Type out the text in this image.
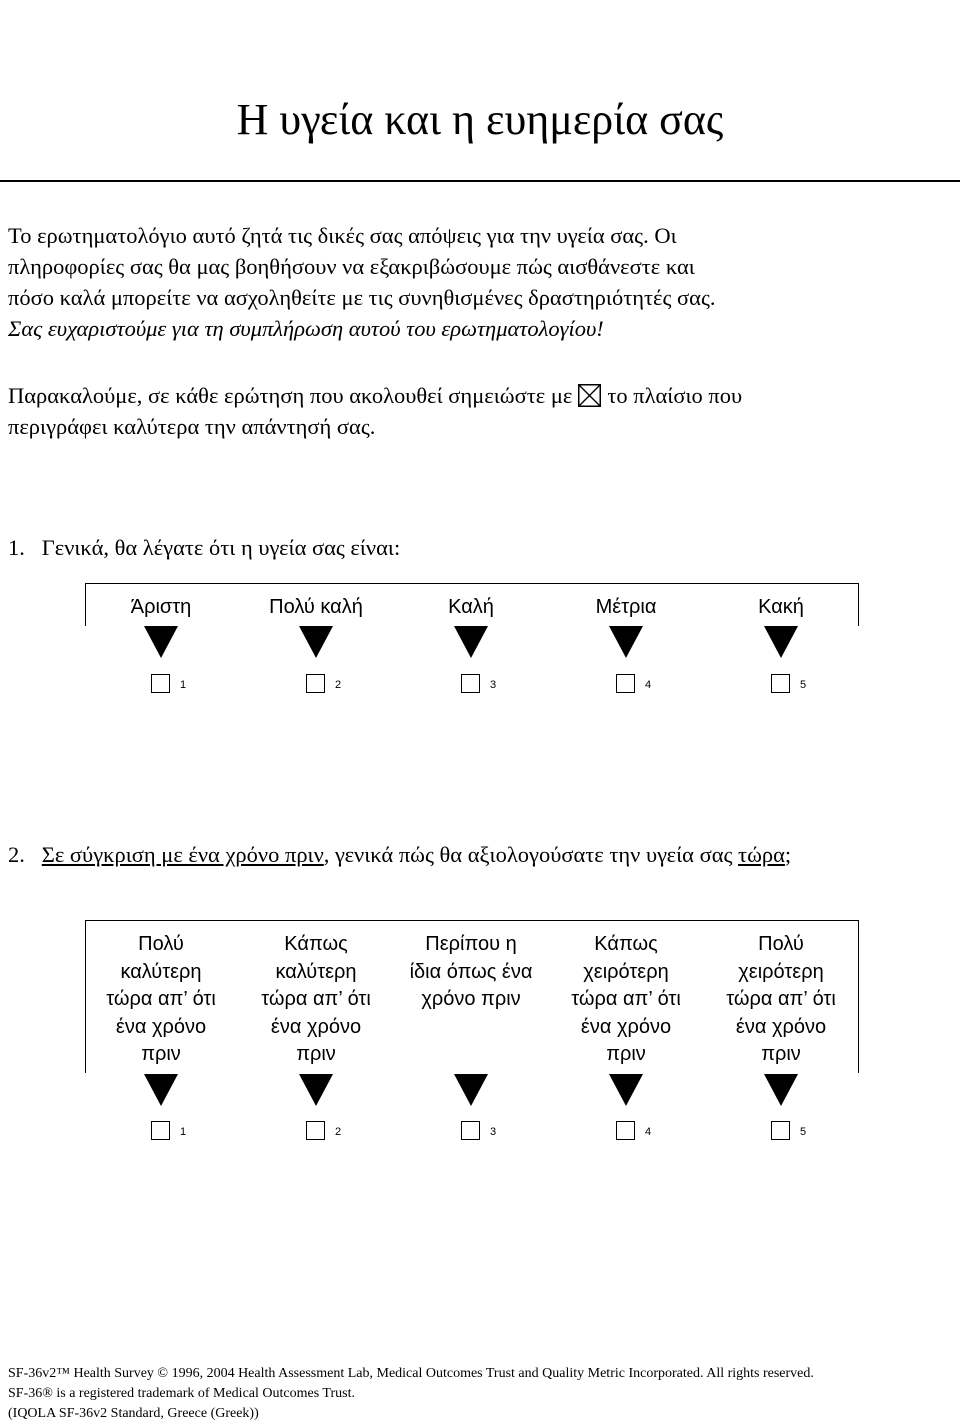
Η υγεία και η ευημερία σας
Το ερωτηματολόγιο αυτό ζητά τις δικές σας απόψεις για την υγεία σας. Οι
πληροφορίες σας θα μας βοηθήσουν να εξακριβώσουμε πώς αισθάνεστε και
πόσο καλά μπορείτε να ασχοληθείτε με τις συνηθισμένες δραστηριότητές σας.
Σας ευχαριστούμε για τη συμπλήρωση αυτού του ερωτηματολογίου!
Παρακαλούμε, σε κάθε ερώτηση που ακολουθεί σημειώστε με το πλαίσιο που
περιγράφει καλύτερα την απάντησή σας.
1. Γενικά, θα λέγατε ότι η υγεία σας είναι:
Άριστη
1
Πολύ καλή
2
Καλή
3
Μέτρια
4
Κακή
5
2. Σε σύγκριση με ένα χρόνο πριν, γενικά πώς θα αξιολογούσατε την υγεία σας τώρα;
Πολύ
καλύτερη
τώρα απ’ ότι
ένα χρόνο
πριν
1
Κάπως
καλύτερη
τώρα απ’ ότι
ένα χρόνο
πριν
2
Περίπου η
ίδια όπως ένα
χρόνο πριν
3
Κάπως
χειρότερη
τώρα απ’ ότι
ένα χρόνο
πριν
4
Πολύ
χειρότερη
τώρα απ’ ότι
ένα χρόνο
πριν
5
SF-36v2™ Health Survey © 1996, 2004 Health Assessment Lab, Medical Outcomes Trust and Quality Metric Incorporated. All rights reserved.
SF-36® is a registered trademark of Medical Outcomes Trust.
(IQOLA SF-36v2 Standard, Greece (Greek))
